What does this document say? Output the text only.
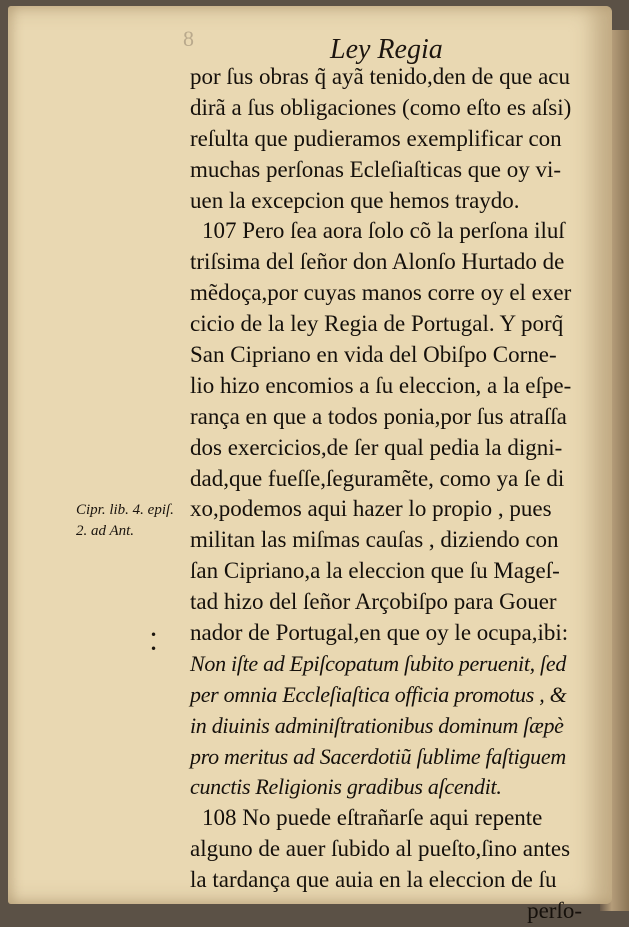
8	Ley Regia
por ſus obras q̃ ayã tenido,den de que acu
dirã a ſus obligaciones (como eſto es aſsi)
reſulta que pudieramos exemplificar con
muchas perſonas Ecleſiaſticas que oy vi-
uen la excepcion que hemos traydo.
107 Pero ſea aora ſolo cõ la perſona iluſ
triſsima del ſeñor don Alonſo Hurtado de
mẽdoça,por cuyas manos corre oy el exer
cicio de la ley Regia de Portugal. Y porq̃
San Cipriano en vida del Obiſpo Corne-
lio hizo encomios a ſu eleccion, a la eſpe-
rança en que a todos ponia,por ſus atraſſa
dos exercicios,de ſer qual pedia la digni-
dad,que fueſſe,ſeguramẽte, como ya ſe di
xo,podemos aqui hazer lo propio , pues
militan las miſmas cauſas , diziendo con
ſan Cipriano,a la eleccion que ſu Mageſ-
tad hizo del ſeñor Arçobiſpo para Gouer
nador de Portugal,en que oy le ocupa,ibi:
Non iſte ad Epiſcopatum ſubito peruenit, ſed
per omnia Eccleſiaſtica officia promotus , &
in diuinis adminiſtrationibus dominum ſæpè
pro meritus ad Sacerdotiũ ſublime faſtiguem
cunctis Religionis gradibus aſcendit.
108 No puede eſtrañarſe aqui repente
alguno de auer ſubido al pueſto,ſino antes
la tardança que auia en la eleccion de ſu
perſo-
Cipr. lib. 4. epiſ.
2. ad Ant.
•
•
